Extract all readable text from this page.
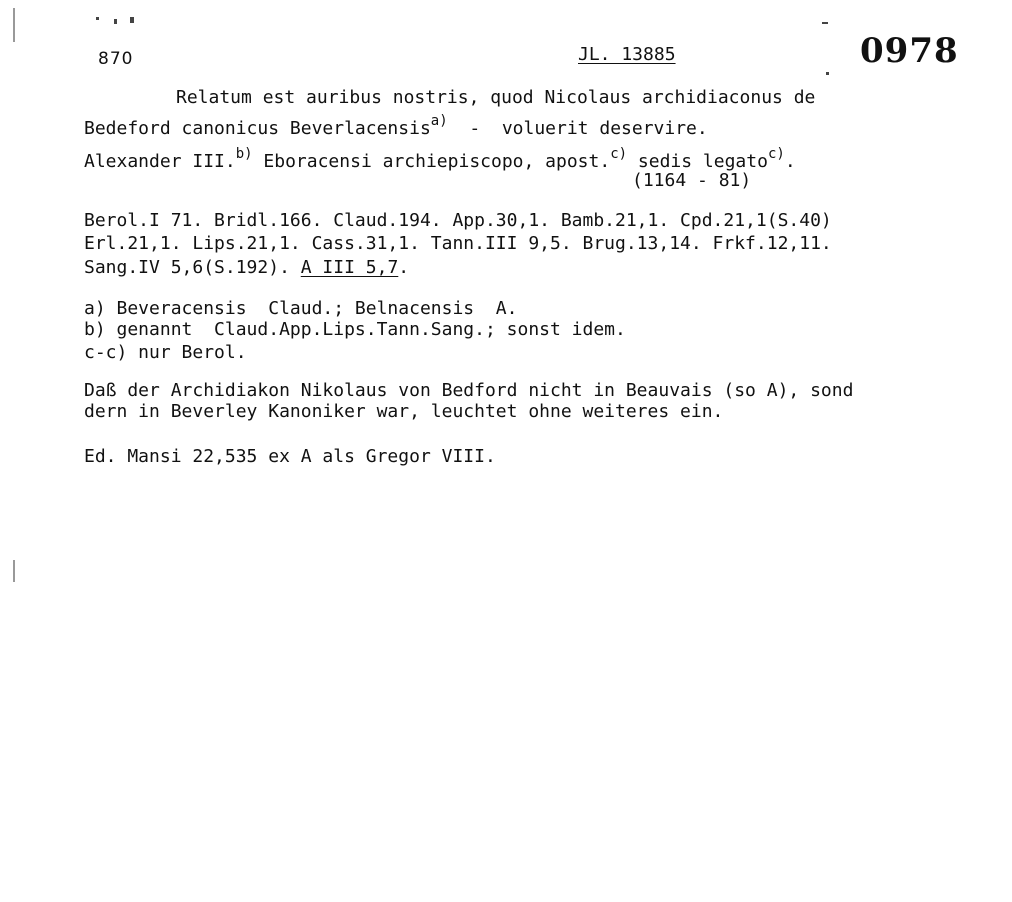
870

	JL. 13885

	0978

Relatum est auribus nostris, quod Nicolaus archidiaconus de

Bedeford canonicus Beverlacensis$^{a)}$  -  voluerit deservire.

Alexander III.$^{b)}$ Eboracensi archiepiscopo, apost.$^{c)}$ sedis legato$^{c)}$.

(1164 - 81)

Berol.I 71. Bridl.166. Claud.194. App.30,1. Bamb.21,1. Cpd.21,1(S.40)

Erl.21,1. Lips.21,1. Cass.31,1. Tann.III 9,5. Brug.13,14. Frkf.12,11.

Sang.IV 5,6(S.192). A III 5,7.

a) Beveracensis  Claud.; Belnacensis  A.

b) genannt  Claud.App.Lips.Tann.Sang.; sonst idem.

c-c) nur Berol.

Daß der Archidiakon Nikolaus von Bedford nicht in Beauvais (so A), sond

dern in Beverley Kanoniker war, leuchtet ohne weiteres ein.

Ed. Mansi 22,535 ex A als Gregor VIII.
